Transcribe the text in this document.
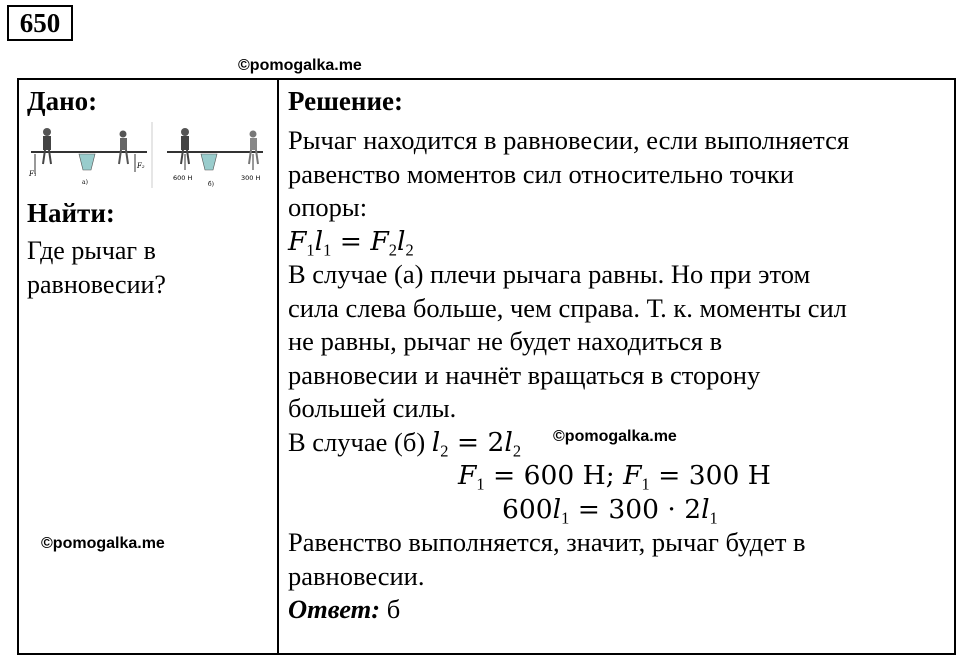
650
©pomogalka.me
Дано:
F₁
F₂
а)
600 Н	300 Н
б)
Найти:
Где рычаг в
равновесии?
Решение:
Рычаг находится в равновесии, если выполняется
равенство моментов сил относительно точки
опоры:
$F_1l_1 = F_2l_2$
В случае (а) плечи рычага равны. Но при этом
сила слева больше, чем справа. Т. к. моменты сил
не равны, рычаг не будет находиться в
равновесии и начнёт вращаться в сторону
большей силы.
В случае (б) $l_2 = 2l_2$
$F_1 = 600$ Н; $F_1 = 300$ Н
$600l_1 = 300 \cdot 2l_1$
Равенство выполняется, значит, рычаг будет в
равновесии.
Ответ: б
©pomogalka.me
©pomogalka.me
